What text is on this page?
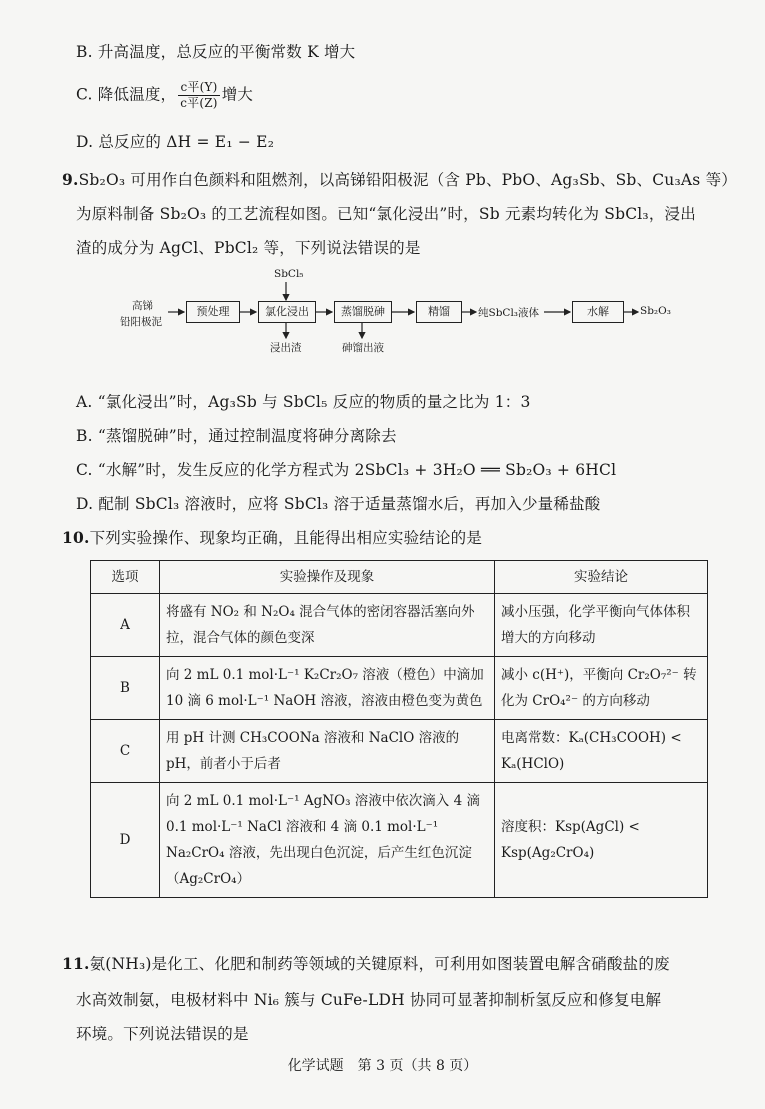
B. 升高温度，总反应的平衡常数 K 增大
C. 降低温度， $\frac{\text{c平(Y)}}{\text{c平(Z)}}$ 增大
D. 总反应的 ΔH = E₁ − E₂
9.Sb₂O₃ 可用作白色颜料和阻燃剂，以高锑铅阳极泥（含 Pb、PbO、Ag₃Sb、Sb、Cu₃As 等）
为原料制备 Sb₂O₃ 的工艺流程如图。已知“氯化浸出”时，Sb 元素均转化为 SbCl₃，浸出
渣的成分为 AgCl、PbCl₂ 等，下列说法错误的是
SbCl₅
高锑
铅阳极泥
预处理	氯化浸出	蒸馏脱砷	精馏	纯SbCl₃液体	水解	Sb₂O₃
浸出渣	砷馏出液
A. “氯化浸出”时，Ag₃Sb 与 SbCl₅ 反应的物质的量之比为 1：3
B. “蒸馏脱砷”时，通过控制温度将砷分离除去
C. “水解”时，发生反应的化学方程式为 2SbCl₃ + 3H₂O ══ Sb₂O₃ + 6HCl
D. 配制 SbCl₃ 溶液时，应将 SbCl₃ 溶于适量蒸馏水后，再加入少量稀盐酸
10.下列实验操作、现象均正确，且能得出相应实验结论的是
选项	实验操作及现象	实验结论
A	将盛有 NO₂ 和 N₂O₄ 混合气体的密闭容器活塞向外拉，混合气体的颜色变深	减小压强，化学平衡向气体体积增大的方向移动
B	向 2 mL 0.1 mol·L⁻¹ K₂Cr₂O₇ 溶液（橙色）中滴加 10 滴 6 mol·L⁻¹ NaOH 溶液，溶液由橙色变为黄色	减小 c(H⁺)，平衡向 Cr₂O₇²⁻ 转化为 CrO₄²⁻ 的方向移动
C	用 pH 计测 CH₃COONa 溶液和 NaClO 溶液的 pH，前者小于后者	电离常数：Kₐ(CH₃COOH) < Kₐ(HClO)
D	向 2 mL 0.1 mol·L⁻¹ AgNO₃ 溶液中依次滴入 4 滴 0.1 mol·L⁻¹ NaCl 溶液和 4 滴 0.1 mol·L⁻¹ Na₂CrO₄ 溶液，先出现白色沉淀，后产生红色沉淀（Ag₂CrO₄）	溶度积：Ksp(AgCl) < Ksp(Ag₂CrO₄)
11.氨(NH₃)是化工、化肥和制药等领域的关键原料，可利用如图装置电解含硝酸盐的废
水高效制氨，电极材料中 Ni₆ 簇与 CuFe-LDH 协同可显著抑制析氢反应和修复电解
环境。下列说法错误的是
化学试题　第 3 页（共 8 页）
